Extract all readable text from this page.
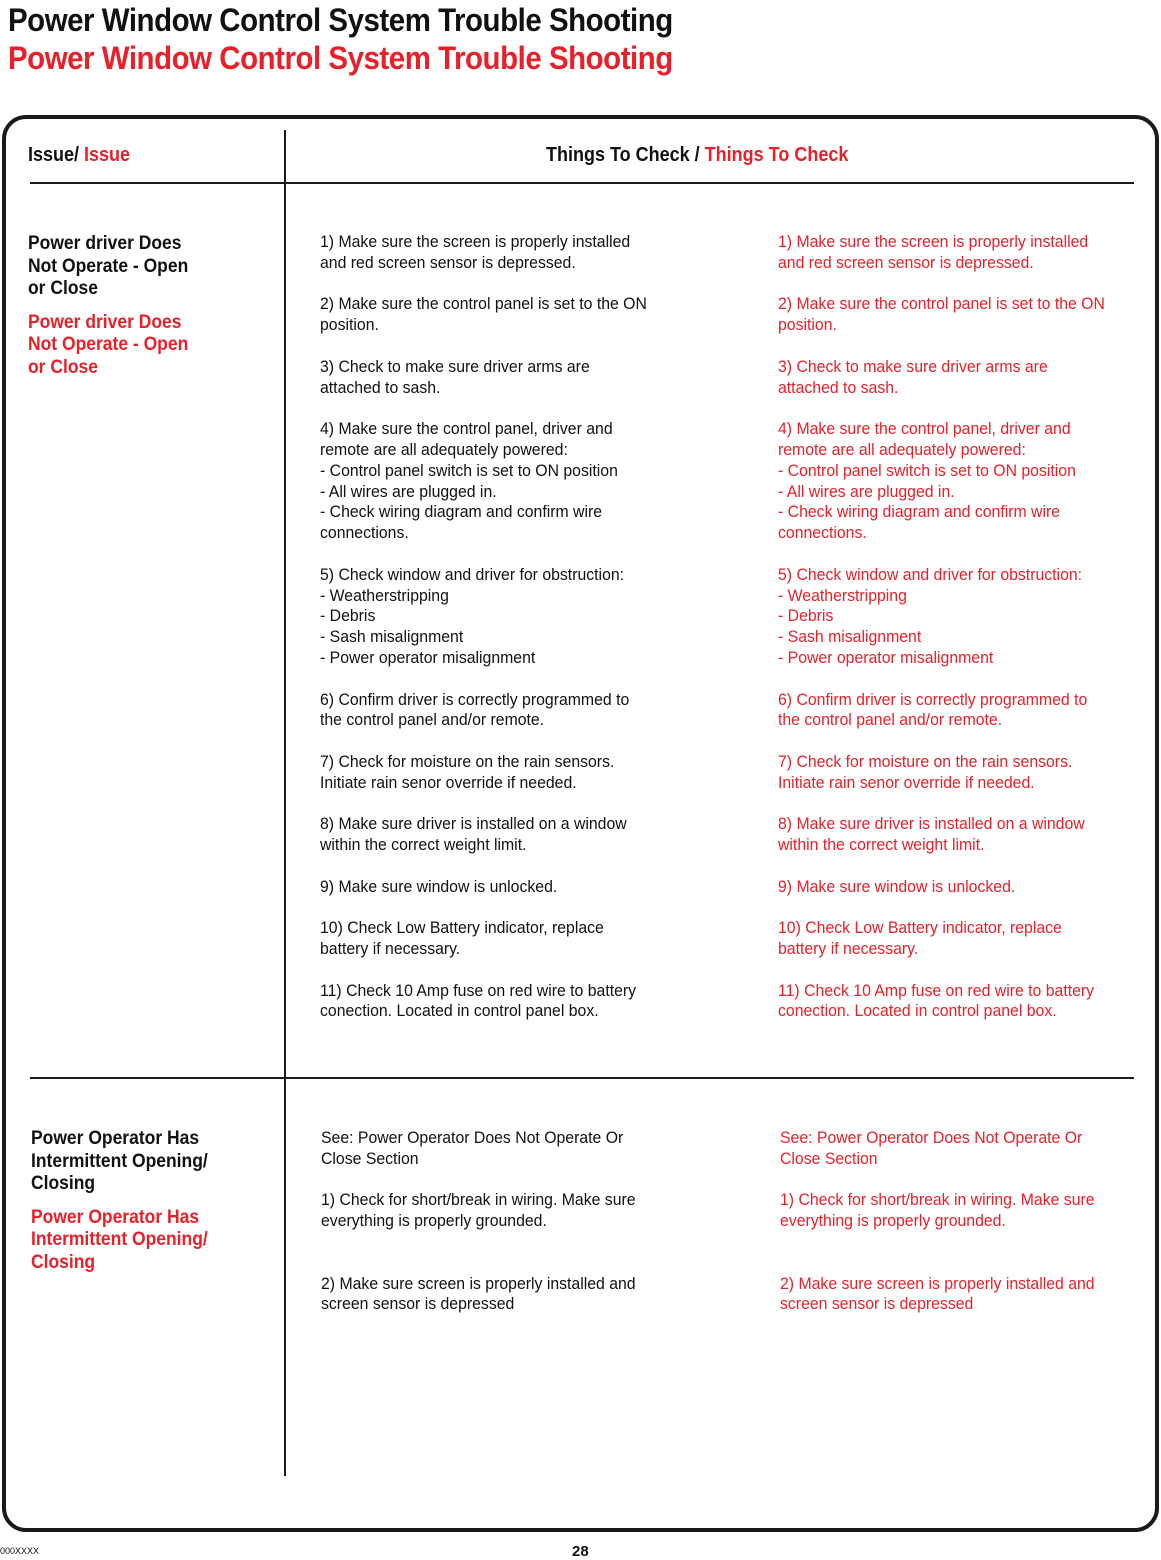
Power Window Control System Trouble Shooting
Power Window Control System Trouble Shooting
Issue/ Issue	Things To Check / Things To Check
Power driver Does
Not Operate - Open
or Close
Power driver Does
Not Operate - Open
or Close
1) Make sure the screen is properly installed
and red screen sensor is depressed.

2) Make sure the control panel is set to the ON
position.

3) Check to make sure driver arms are
attached to sash.

4) Make sure the control panel, driver and
remote are all adequately powered:
- Control panel switch is set to ON position
- All wires are plugged in.
- Check wiring diagram and confirm wire
connections.

5) Check window and driver for obstruction:
- Weatherstripping
- Debris
- Sash misalignment
- Power operator misalignment

6) Confirm driver is correctly programmed to
the control panel and/or remote.

7) Check for moisture on the rain sensors.
Initiate rain senor override if needed.

8) Make sure driver is installed on a window
within the correct weight limit.

9) Make sure window is unlocked.

10) Check Low Battery indicator, replace
battery if necessary.

11) Check 10 Amp fuse on red wire to battery
conection. Located in control panel box.
1) Make sure the screen is properly installed
and red screen sensor is depressed.

2) Make sure the control panel is set to the ON
position.

3) Check to make sure driver arms are
attached to sash.

4) Make sure the control panel, driver and
remote are all adequately powered:
- Control panel switch is set to ON position
- All wires are plugged in.
- Check wiring diagram and confirm wire
connections.

5) Check window and driver for obstruction:
- Weatherstripping
- Debris
- Sash misalignment
- Power operator misalignment

6) Confirm driver is correctly programmed to
the control panel and/or remote.

7) Check for moisture on the rain sensors.
Initiate rain senor override if needed.

8) Make sure driver is installed on a window
within the correct weight limit.

9) Make sure window is unlocked.

10) Check Low Battery indicator, replace
battery if necessary.

11) Check 10 Amp fuse on red wire to battery
conection. Located in control panel box.
Power Operator Has
Intermittent Opening/
Closing
Power Operator Has
Intermittent Opening/
Closing
See: Power Operator Does Not Operate Or
Close Section

1) Check for short/break in wiring. Make sure
everything is properly grounded.

2) Make sure screen is properly installed and
screen sensor is depressed
See: Power Operator Does Not Operate Or
Close Section

1) Check for short/break in wiring. Make sure
everything is properly grounded.

2) Make sure screen is properly installed and
screen sensor is depressed
000XXXX	28
